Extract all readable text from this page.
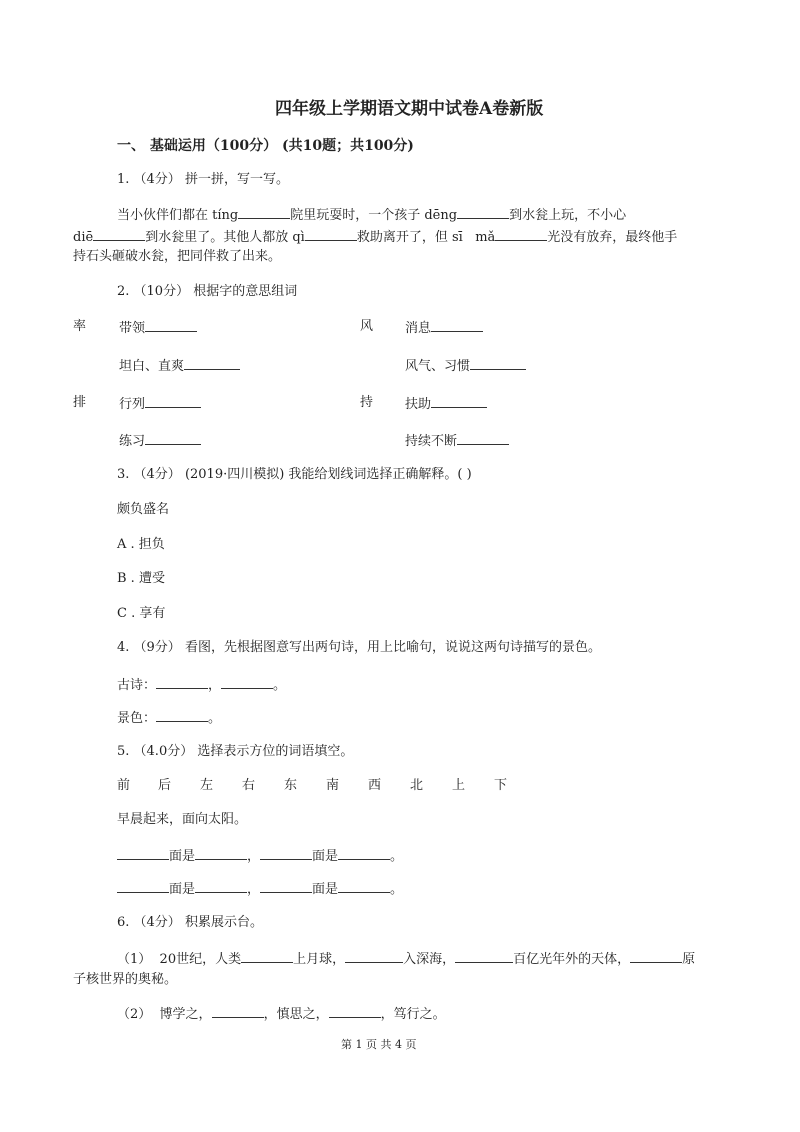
四年级上学期语文期中试卷A卷新版
一、 基础运用（100分） (共10题；共100分)
1. （4分） 拼一拼，写一写。
当小伙伴们都在 tíng	院里玩耍时，一个孩子 dēng	到水瓮上玩，不小心
diē	到水瓮里了。其他人都放 qì	救助离开了，但 sī mǎ	光没有放弃，最终他手
持石头砸破水瓮，把同伴救了出来。
2. （10分） 根据字的意思组词
率	带领	风 消息
坦白、直爽	风气、习惯
排	行列	持 扶助
练习	持续不断
3. （4分） (2019·四川模拟) 我能给划线词选择正确解释。( )
颇负盛名
A . 担负
B . 遭受
C . 享有
4. （9分） 看图，先根据图意写出两句诗，用上比喻句，说说这两句诗描写的景色。
古诗：	，	。
景色：	。
5. （4.0分） 选择表示方位的词语填空。
前 后 左 右 东 南 西 北 上 下
早晨起来，面向太阳。
面是	，	面是	。
面是	，	面是	。
6. （4分） 积累展示台。
（1） 20世纪，人类	上月球，	入深海，	百亿光年外的天体，	原
子核世界的奥秘。
（2） 博学之，	，慎思之，	，笃行之。
第 1 页 共 4 页
